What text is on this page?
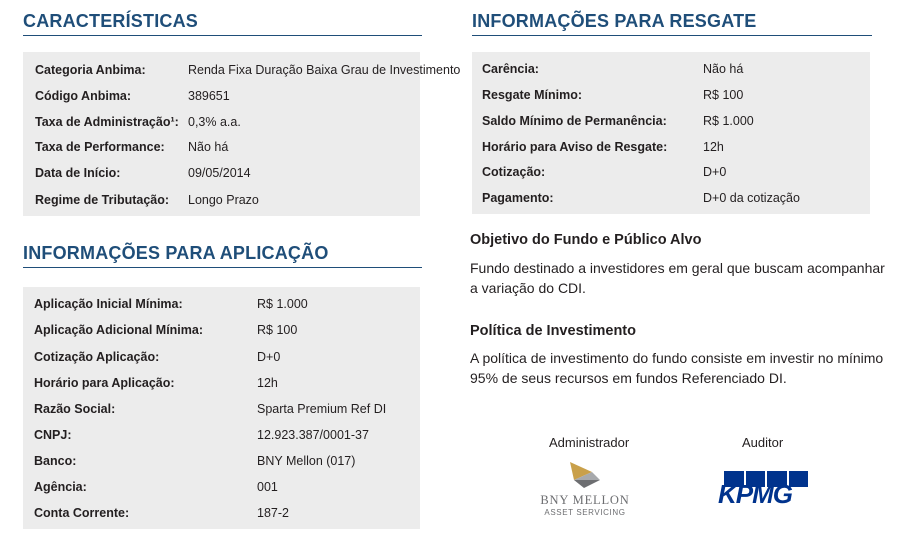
CARACTERÍSTICAS
Categoria Anbima:	Renda Fixa Duração Baixa Grau de Investimento
Código Anbima:	389651
Taxa de Administração¹: 0,3% a.a.
Taxa de Performance: Não há
Data de Início:	09/05/2014
Regime de Tributação: Longo Prazo
INFORMAÇÕES PARA APLICAÇÃO
Aplicação Inicial Mínima:	R$ 1.000
Aplicação Adicional Mínima:	R$ 100
Cotização Aplicação:	D+0
Horário para Aplicação:	12h
Razão Social:	Sparta Premium Ref DI
CNPJ:	12.923.387/0001-37
Banco:	BNY Mellon (017)
Agência:	001
Conta Corrente:	187-2
INFORMAÇÕES PARA RESGATE
Carência:	Não há
Resgate Mínimo:	R$ 100
Saldo Mínimo de Permanência:	R$ 1.000
Horário para Aviso de Resgate:	12h
Cotização:	D+0
Pagamento:	D+0 da cotização
Objetivo do Fundo e Público Alvo

Fundo destinado a investidores em geral que buscam acompanhar

a variação do CDI.

Política de Investimento

A política de investimento do fundo consiste em investir no mínimo

95% de seus recursos em fundos Referenciado DI.

Administrador	Auditor
BNY MELLON
ASSET SERVICING
KPMG
